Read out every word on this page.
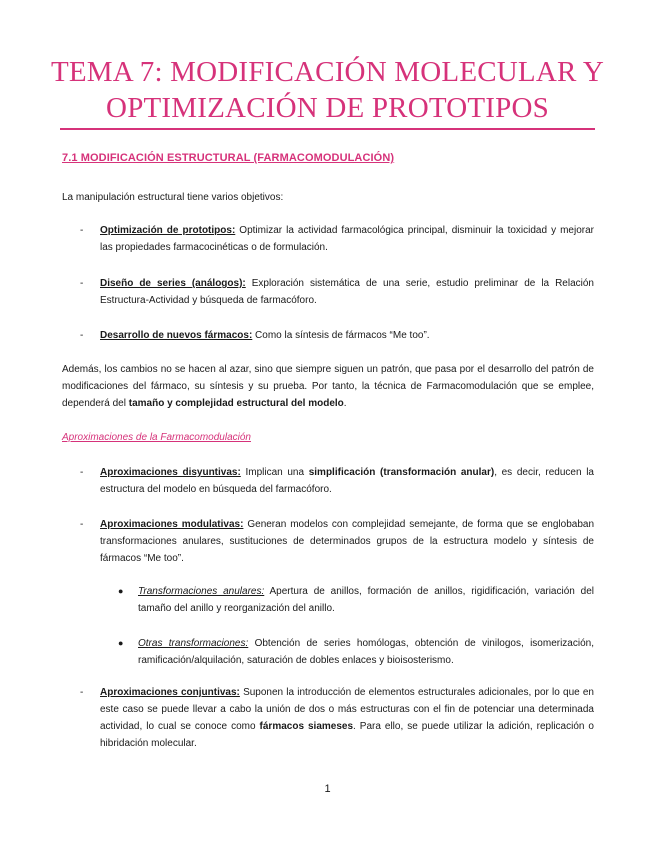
TEMA 7: MODIFICACIÓN MOLECULAR Y
OPTIMIZACIÓN DE PROTOTIPOS
7.1 MODIFICACIÓN ESTRUCTURAL (FARMACOMODULACIÓN)
La manipulación estructural tiene varios objetivos:
- Optimización de prototipos: Optimizar la actividad farmacológica principal, disminuir la toxicidad y mejorar las propiedades farmacocinéticas o de formulación.
- Diseño de series (análogos): Exploración sistemática de una serie, estudio preliminar de la Relación Estructura-Actividad y búsqueda de farmacóforo.
- Desarrollo de nuevos fármacos: Como la síntesis de fármacos “Me too”.
Además, los cambios no se hacen al azar, sino que siempre siguen un patrón, que pasa por el desarrollo del patrón de modificaciones del fármaco, su síntesis y su prueba. Por tanto, la técnica de Farmacomodulación que se emplee, dependerá del tamaño y complejidad estructural del modelo.
Aproximaciones de la Farmacomodulación
- Aproximaciones disyuntivas: Implican una simplificación (transformación anular), es decir, reducen la estructura del modelo en búsqueda del farmacóforo.
- Aproximaciones modulativas: Generan modelos con complejidad semejante, de forma que se englobaban transformaciones anulares, sustituciones de determinados grupos de la estructura modelo y síntesis de fármacos “Me too”.
● Transformaciones anulares: Apertura de anillos, formación de anillos, rigidificación, variación del tamaño del anillo y reorganización del anillo.
● Otras transformaciones: Obtención de series homólogas, obtención de vinilogos, isomerización, ramificación/alquilación, saturación de dobles enlaces y bioisosterismo.
- Aproximaciones conjuntivas: Suponen la introducción de elementos estructurales adicionales, por lo que en este caso se puede llevar a cabo la unión de dos o más estructuras con el fin de potenciar una determinada actividad, lo cual se conoce como fármacos siameses. Para ello, se puede utilizar la adición, replicación o hibridación molecular.
1
